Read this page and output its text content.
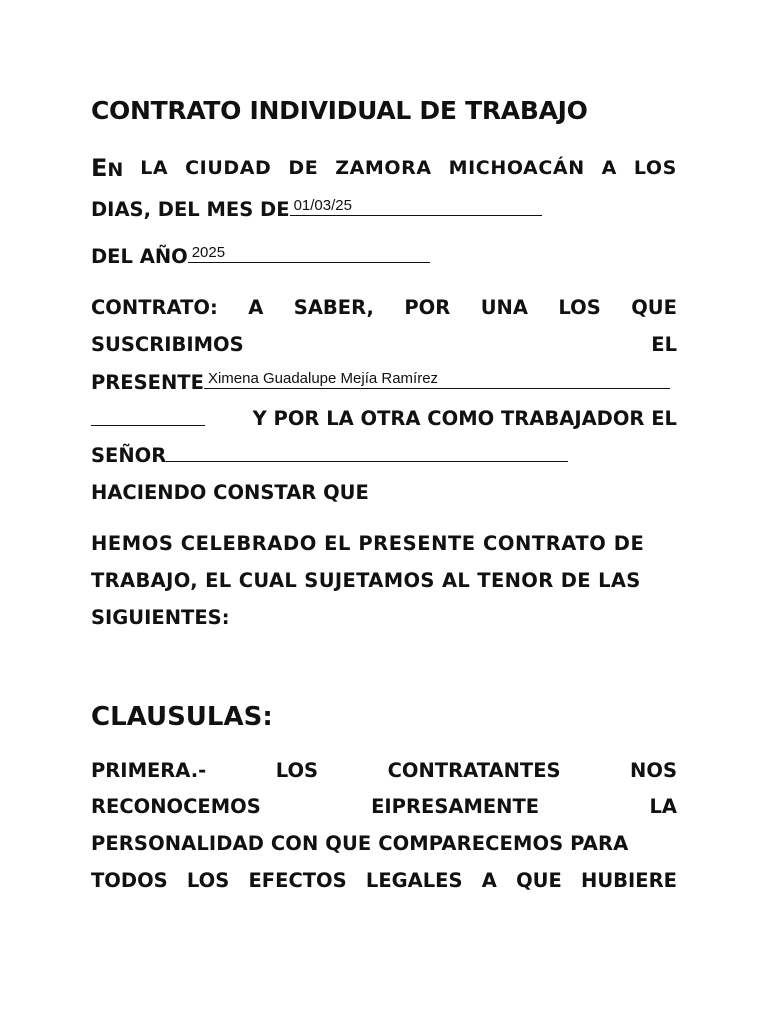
CONTRATO INDIVIDUAL DE TRABAJO
EN LA CIUDAD DE ZAMORA MICHOACÁN A LOS
DIAS, DEL MES DE 01/03/25
DEL AÑO 2025
CONTRATO: A SABER, POR UNA LOS QUE
SUSCRIBIMOS	EL
PRESENTE Ximena Guadalupe Mejía Ramírez
Y POR LA OTRA COMO TRABAJADOR EL
SEÑOR
HACIENDO CONSTAR QUE
HEMOS CELEBRADO EL PRESENTE CONTRATO DE
TRABAJO, EL CUAL SUJETAMOS AL TENOR DE LAS
SIGUIENTES:
CLAUSULAS:
PRIMERA.-	LOS	CONTRATANTES	NOS
RECONOCEMOS	EIPRESAMENTE	LA
PERSONALIDAD CON QUE COMPARECEMOS PARA
TODOS LOS EFECTOS LEGALES A QUE HUBIERE
